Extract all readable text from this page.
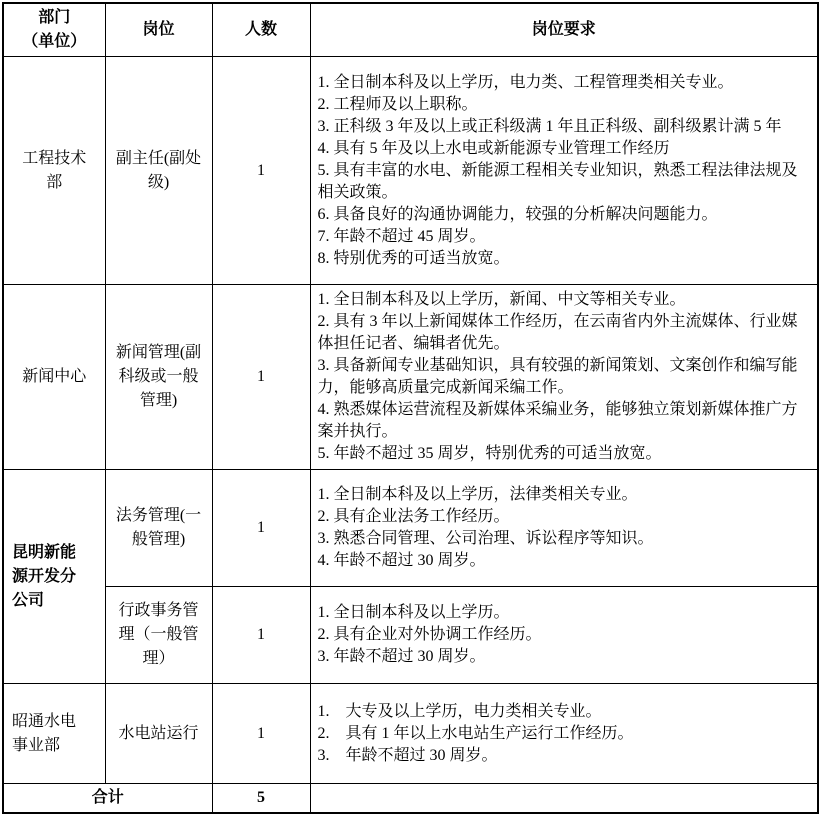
部门
（单位）	岗位	人数	岗位要求
工程技术部	副主任(副处级)	1	
1. 全日制本科及以上学历，电力类、工程管理类相关专业。
2. 工程师及以上职称。
3. 正科级 3 年及以上或正科级满 1 年且正科级、副科级累计满 5 年
4. 具有 5 年及以上水电或新能源专业管理工作经历
5. 具有丰富的水电、新能源工程相关专业知识，熟悉工程法律法规及相关政策。
6. 具备良好的沟通协调能力，较强的分析解决问题能力。
7. 年龄不超过 45 周岁。
8. 特别优秀的可适当放宽。

新闻中心	新闻管理(副科级或一般管理)	1	1. 全日制本科及以上学历，新闻、中文等相关专业。
2. 具有 3 年以上新闻媒体工作经历，在云南省内外主流媒体、行业媒体担任记者、编辑者优先。
3. 具备新闻专业基础知识，具有较强的新闻策划、文案创作和编写能力，能够高质量完成新闻采编工作。
4. 熟悉媒体运营流程及新媒体采编业务，能够独立策划新媒体推广方案并执行。
5. 年龄不超过 35 周岁，特别优秀的可适当放宽。

昆明新能源开发分公司	法务管理(一般管理)	1	1. 全日制本科及以上学历，法律类相关专业。
2. 具有企业法务工作经历。
3. 熟悉合同管理、公司治理、诉讼程序等知识。
4. 年龄不超过 30 周岁。

	行政事务管理（一般管理）	1	1. 全日制本科及以上学历。
2. 具有企业对外协调工作经历。
3. 年龄不超过 30 周岁。

昭通水电事业部	水电站运行	1	1.　大专及以上学历，电力类相关专业。
2.　具有 1 年以上水电站生产运行工作经历。
3.　年龄不超过 30 周岁。

合计		5	
